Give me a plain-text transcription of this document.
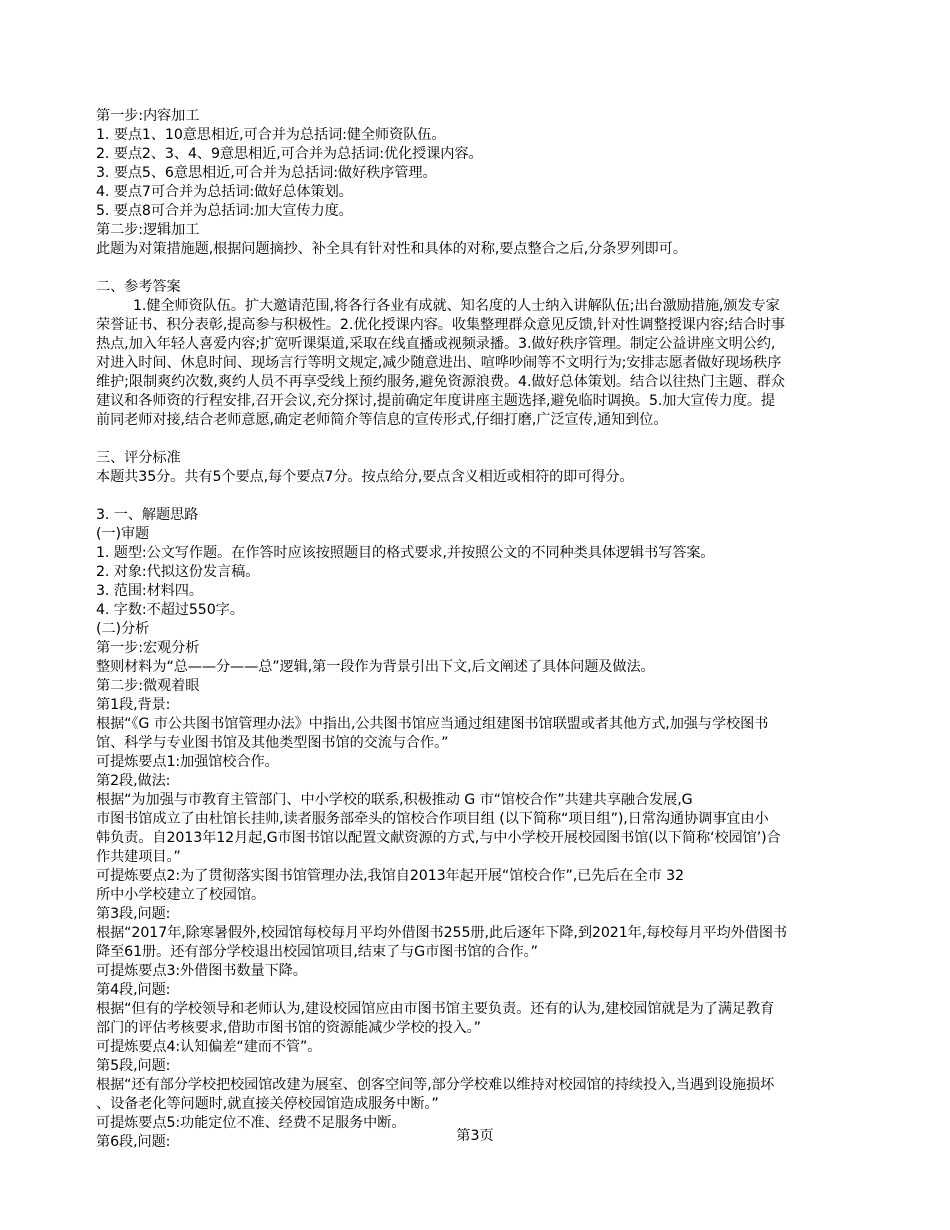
第一步:内容加工
1. 要点1、10意思相近,可合并为总括词:健全师资队伍。
2. 要点2、3、4、9意思相近,可合并为总括词:优化授课内容。
3. 要点5、6意思相近,可合并为总括词:做好秩序管理。
4. 要点7可合并为总括词:做好总体策划。
5. 要点8可合并为总括词:加大宣传力度。
第二步:逻辑加工
此题为对策措施题,根据问题摘抄、补全具有针对性和具体的对称,要点整合之后,分条罗列即可。
二、参考答案
1.健全师资队伍。扩大邀请范围,将各行各业有成就、知名度的人士纳入讲解队伍;出台激励措施,颁发专家
荣誉证书、积分表彰,提高参与积极性。2.优化授课内容。收集整理群众意见反馈,针对性调整授课内容;结合时事
热点,加入年轻人喜爱内容;扩宽听课渠道,采取在线直播或视频录播。3.做好秩序管理。制定公益讲座文明公约,
对进入时间、休息时间、现场言行等明文规定,减少随意进出、喧哗吵闹等不文明行为;安排志愿者做好现场秩序
维护;限制爽约次数,爽约人员不再享受线上预约服务,避免资源浪费。4.做好总体策划。结合以往热门主题、群众
建议和各师资的行程安排,召开会议,充分探讨,提前确定年度讲座主题选择,避免临时调换。5.加大宣传力度。提
前同老师对接,结合老师意愿,确定老师简介等信息的宣传形式,仔细打磨,广泛宣传,通知到位。
三、评分标准
本题共35分。共有5个要点,每个要点7分。按点给分,要点含义相近或相符的即可得分。
3. 一、解题思路
(一)审题
1. 题型:公文写作题。在作答时应该按照题目的格式要求,并按照公文的不同种类具体逻辑书写答案。
2. 对象:代拟这份发言稿。
3. 范围:材料四。
4. 字数:不超过550字。
(二)分析
第一步:宏观分析
整则材料为“总——分——总”逻辑,第一段作为背景引出下文,后文阐述了具体问题及做法。
第二步:微观着眼
第1段,背景:
根据“《G 市公共图书馆管理办法》中指出,公共图书馆应当通过组建图书馆联盟或者其他方式,加强与学校图书
馆、科学与专业图书馆及其他类型图书馆的交流与合作。”
可提炼要点1:加强馆校合作。
第2段,做法:
根据“为加强与市教育主管部门、中小学校的联系,积极推动 G 市“馆校合作”共建共享融合发展,G
市图书馆成立了由杜馆长挂帅,读者服务部牵头的馆校合作项目组 (以下简称“项目组”),日常沟通协调事宜由小
韩负责。自2013年12月起,G市图书馆以配置文献资源的方式,与中小学校开展校园图书馆(以下简称‘校园馆’)合
作共建项目。”
可提炼要点2:为了贯彻落实图书馆管理办法,我馆自2013年起开展“馆校合作”,已先后在全市 32
所中小学校建立了校园馆。
第3段,问题:
根据“2017年,除寒暑假外,校园馆每校每月平均外借图书255册,此后逐年下降,到2021年,每校每月平均外借图书
降至61册。还有部分学校退出校园馆项目,结束了与G市图书馆的合作。”
可提炼要点3:外借图书数量下降。
第4段,问题:
根据“但有的学校领导和老师认为,建设校园馆应由市图书馆主要负责。还有的认为,建校园馆就是为了满足教育
部门的评估考核要求,借助市图书馆的资源能减少学校的投入。”
可提炼要点4:认知偏差“建而不管”。
第5段,问题:
根据“还有部分学校把校园馆改建为展室、创客空间等,部分学校难以维持对校园馆的持续投入,当遇到设施损坏
、设备老化等问题时,就直接关停校园馆造成服务中断。”
可提炼要点5:功能定位不准、经费不足服务中断。
第6段,问题:	第3页
